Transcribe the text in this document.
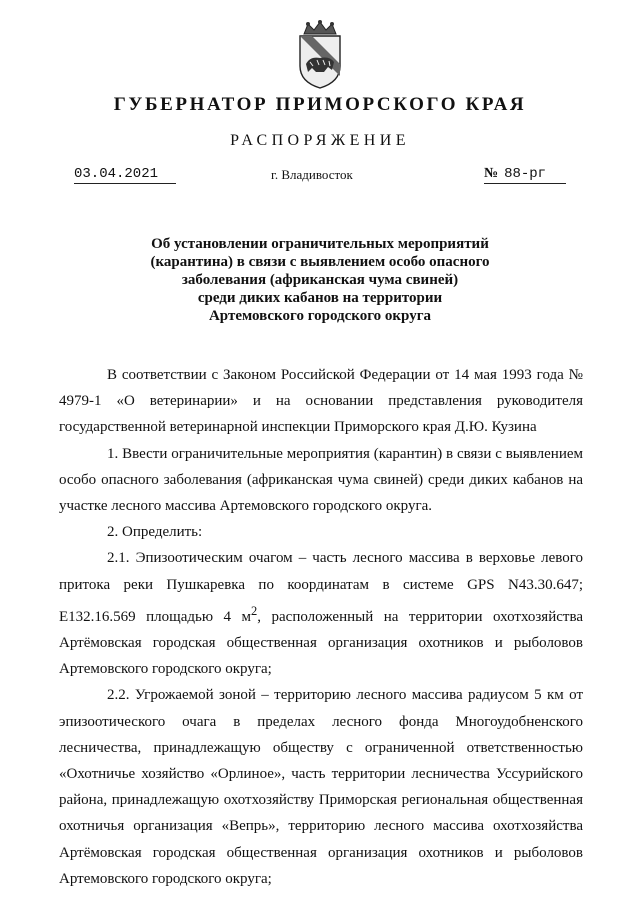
ГУБЕРНАТОР ПРИМОРСКОГО КРАЯ
РАСПОРЯЖЕНИЕ
03.04.2021	г. Владивосток	№ 88-рг
Об установлении ограничительных мероприятий
(карантина) в связи с выявлением особо опасного
заболевания (африканская чума свиней)
среди диких кабанов на территории
Артемовского городского округа

В соответствии с Законом Российской Федерации от 14 мая 1993 года № 4979-1 «О ветеринарии» и на основании представления руководителя государственной ветеринарной инспекции Приморского края Д.Ю. Кузина

1. Ввести ограничительные мероприятия (карантин) в связи с выявлением особо опасного заболевания (африканская чума свиней) среди диких кабанов на участке лесного массива Артемовского городского округа.

2. Определить:

2.1. Эпизоотическим очагом – часть лесного массива в верховье левого притока реки Пушкаревка по координатам в системе GPS N43.30.647; E132.16.569 площадью 4 $м^2$, расположенный на территории охотхозяйства Артёмовская городская общественная организация охотников и рыболовов Артемовского городского округа;

2.2. Угрожаемой зоной – территорию лесного массива радиусом 5 км от эпизоотического очага в пределах лесного фонда Многоудобненского лесничества, принадлежащую обществу с ограниченной ответственностью «Охотничье хозяйство «Орлиное», часть территории лесничества Уссурийского района, принадлежащую охотхозяйству Приморская региональная общественная охотничья организация «Вепрь», территорию лесного массива охотхозяйства Артёмовская городская общественная организация охотников и рыболовов Артемовского городского округа;
